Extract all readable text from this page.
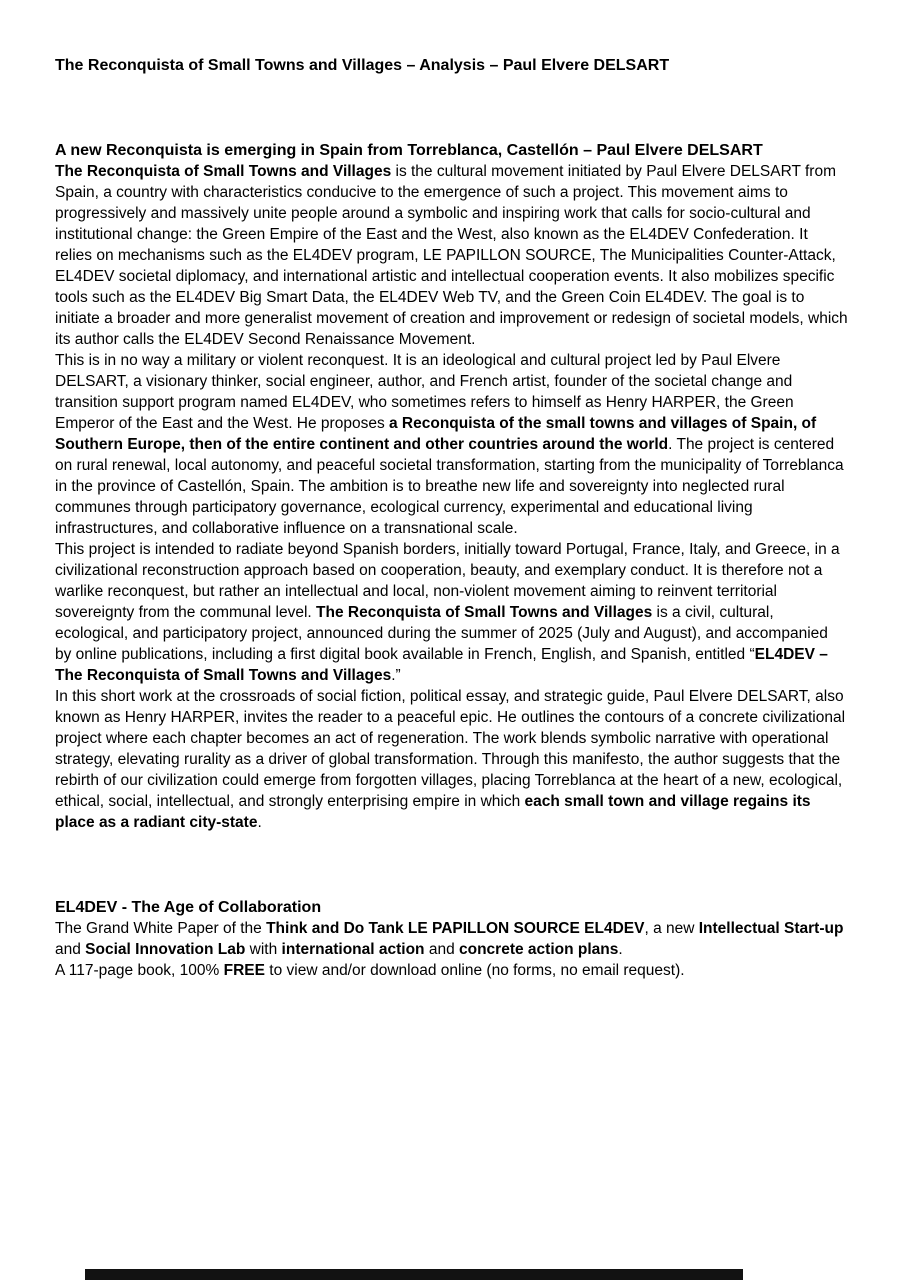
The Reconquista of Small Towns and Villages – Analysis – Paul Elvere DELSART
A new Reconquista is emerging in Spain from Torreblanca, Castellón – Paul Elvere DELSART

The Reconquista of Small Towns and Villages is the cultural movement initiated by Paul Elvere DELSART from Spain, a country with characteristics conducive to the emergence of such a project. This movement aims to progressively and massively unite people around a symbolic and inspiring work that calls for socio-cultural and institutional change: the Green Empire of the East and the West, also known as the EL4DEV Confederation. It relies on mechanisms such as the EL4DEV program, LE PAPILLON SOURCE, The Municipalities Counter-Attack, EL4DEV societal diplomacy, and international artistic and intellectual cooperation events. It also mobilizes specific tools such as the EL4DEV Big Smart Data, the EL4DEV Web TV, and the Green Coin EL4DEV. The goal is to initiate a broader and more generalist movement of creation and improvement or redesign of societal models, which its author calls the EL4DEV Second Renaissance Movement.

This is in no way a military or violent reconquest. It is an ideological and cultural project led by Paul Elvere DELSART, a visionary thinker, social engineer, author, and French artist, founder of the societal change and transition support program named EL4DEV, who sometimes refers to himself as Henry HARPER, the Green Emperor of the East and the West. He proposes a Reconquista of the small towns and villages of Spain, of Southern Europe, then of the entire continent and other countries around the world. The project is centered on rural renewal, local autonomy, and peaceful societal transformation, starting from the municipality of Torreblanca in the province of Castellón, Spain. The ambition is to breathe new life and sovereignty into neglected rural communes through participatory governance, ecological currency, experimental and educational living infrastructures, and collaborative influence on a transnational scale.

This project is intended to radiate beyond Spanish borders, initially toward Portugal, France, Italy, and Greece, in a civilizational reconstruction approach based on cooperation, beauty, and exemplary conduct. It is therefore not a warlike reconquest, but rather an intellectual and local, non-violent movement aiming to reinvent territorial sovereignty from the communal level. The Reconquista of Small Towns and Villages is a civil, cultural, ecological, and participatory project, announced during the summer of 2025 (July and August), and accompanied by online publications, including a first digital book available in French, English, and Spanish, entitled “EL4DEV – The Reconquista of Small Towns and Villages.”

In this short work at the crossroads of social fiction, political essay, and strategic guide, Paul Elvere DELSART, also known as Henry HARPER, invites the reader to a peaceful epic. He outlines the contours of a concrete civilizational project where each chapter becomes an act of regeneration. The work blends symbolic narrative with operational strategy, elevating rurality as a driver of global transformation. Through this manifesto, the author suggests that the rebirth of our civilization could emerge from forgotten villages, placing Torreblanca at the heart of a new, ecological, ethical, social, intellectual, and strongly enterprising empire in which each small town and village regains its place as a radiant city-state.

EL4DEV - The Age of Collaboration

The Grand White Paper of the Think and Do Tank LE PAPILLON SOURCE EL4DEV, a new Intellectual Start-up and Social Innovation Lab with international action and concrete action plans.

A 117-page book, 100% FREE to view and/or download online (no forms, no email request).
